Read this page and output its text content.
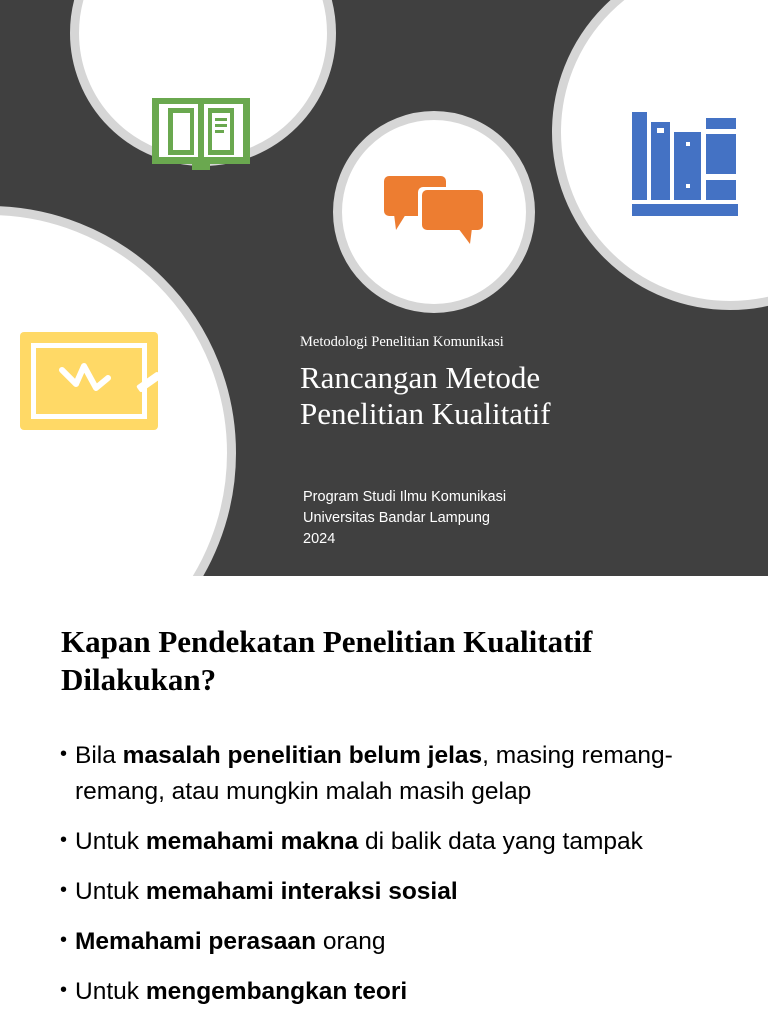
Metodologi Penelitian Komunikasi
Rancangan Metode
Penelitian Kualitatif
Program Studi Ilmu Komunikasi
Universitas Bandar Lampung
2024
Kapan Pendekatan Penelitian Kualitatif Dilakukan?
• Bila masalah penelitian belum jelas, masing remang-remang, atau mungkin malah masih gelap
• Untuk memahami makna di balik data yang tampak
• Untuk memahami interaksi sosial
• Memahami perasaan orang
• Untuk mengembangkan teori
